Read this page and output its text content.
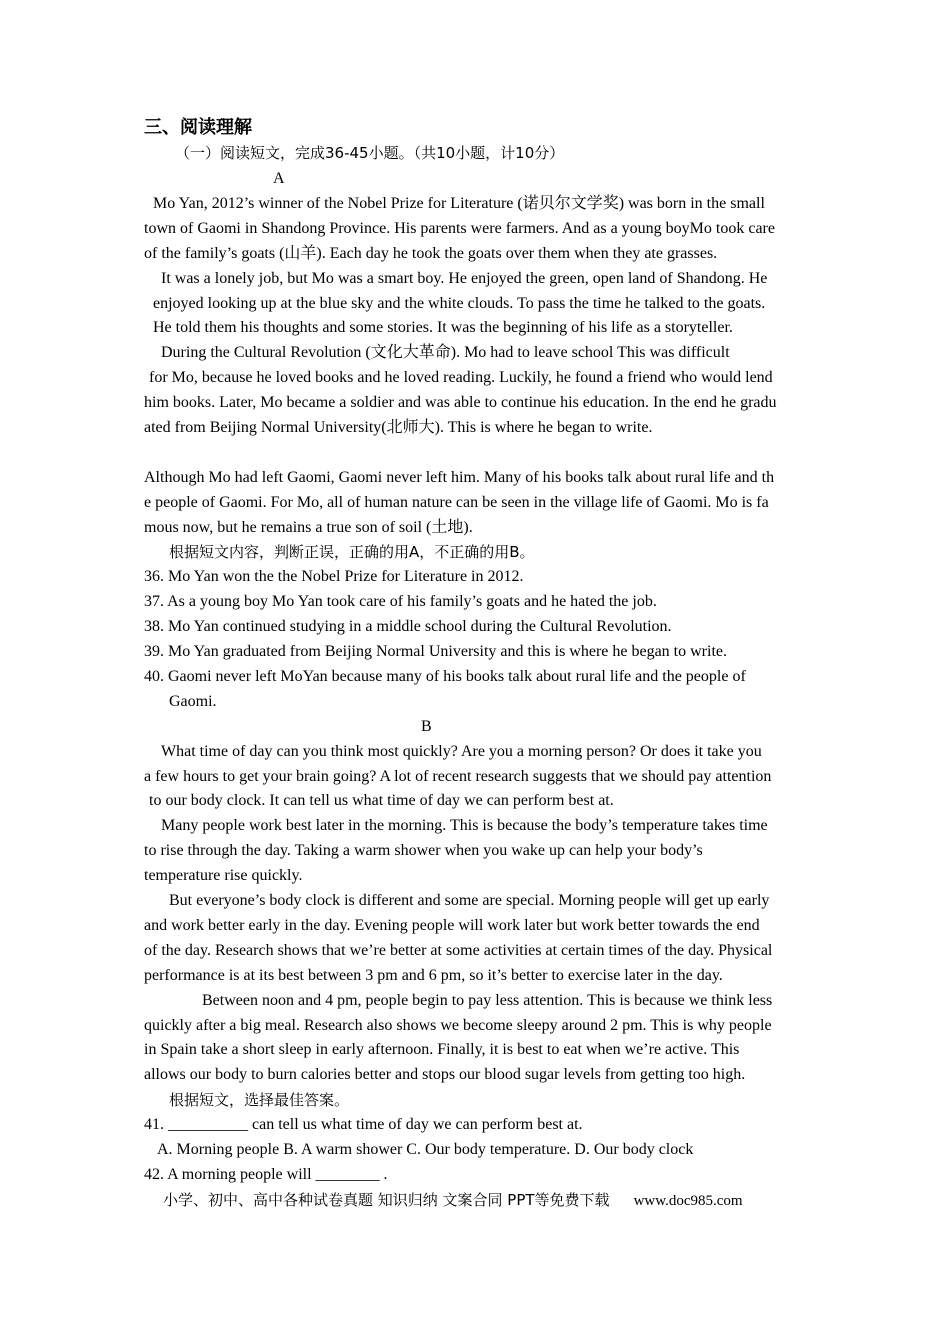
三、阅读理解
（一）阅读短文，完成36-45小题。（共10小题，计10分）
A
Mo Yan, 2012’s winner of the Nobel Prize for Literature (诺贝尔文学奖) was born in the small
town of Gaomi in Shandong Province. His parents were farmers. And as a young boyMo took care
of the family’s goats (山羊). Each day he took the goats over them when they ate grasses.
It was a lonely job, but Mo was a smart boy. He enjoyed the green, open land of Shandong. He
enjoyed looking up at the blue sky and the white clouds. To pass the time he talked to the goats.
He told them his thoughts and some stories. It was the beginning of his life as a storyteller.
During the Cultural Revolution (文化大革命). Mo had to leave school This was difficult
for Mo, because he loved books and he loved reading. Luckily, he found a friend who would lend
him books. Later, Mo became a soldier and was able to continue his education. In the end he gradu
ated from Beijing Normal University(北师大). This is where he began to write.
Although Mo had left Gaomi, Gaomi never left him. Many of his books talk about rural life and th
e people of Gaomi. For Mo, all of human nature can be seen in the village life of Gaomi. Mo is fa
mous now, but he remains a true son of soil (土地).
根据短文内容，判断正误，正确的用A，不正确的用B。
36. Mo Yan won the the Nobel Prize for Literature in 2012.
37. As a young boy Mo Yan took care of his family’s goats and he hated the job.
38. Mo Yan continued studying in a middle school during the Cultural Revolution.
39. Mo Yan graduated from Beijing Normal University and this is where he began to write.
40. Gaomi never left MoYan because many of his books talk about rural life and the people of
Gaomi.
B
What time of day can you think most quickly? Are you a morning person? Or does it take you
a few hours to get your brain going? A lot of recent research suggests that we should pay attention
to our body clock. It can tell us what time of day we can perform best at.
Many people work best later in the morning. This is because the body’s temperature takes time
to rise through the day. Taking a warm shower when you wake up can help your body’s
temperature rise quickly.
But everyone’s body clock is different and some are special. Morning people will get up early
and work better early in the day. Evening people will work later but work better towards the end
of the day. Research shows that we’re better at some activities at certain times of the day. Physical
performance is at its best between 3 pm and 6 pm, so it’s better to exercise later in the day.
Between noon and 4 pm, people begin to pay less attention. This is because we think less
quickly after a big meal. Research also shows we become sleepy around 2 pm. This is why people
in Spain take a short sleep in early afternoon. Finally, it is best to eat when we’re active. This
allows our body to burn calories better and stops our blood sugar levels from getting too high.
根据短文，选择最佳答案。
41. __________ can tell us what time of day we can perform best at.
A. Morning people B. A warm shower C. Our body temperature. D. Our body clock
42. A morning people will ________ .
小学、初中、高中各种试卷真题 知识归纳 文案合同 PPT等免费下载 www.doc985.com
